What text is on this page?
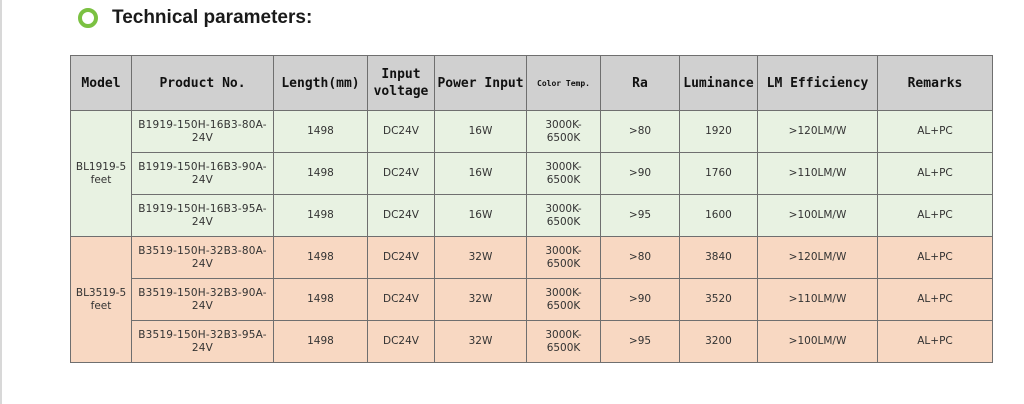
Technical parameters:
Model	Product No.	Length(mm)	Input voltage	Power Input	Color Temp.	Ra	Luminance	LM Efficiency	Remarks
BL1919-5 feet	B1919-150H-16B3-80A-24V	1498	DC24V	16W	3000K-6500K	>80	1920	>120LM/W	AL+PC
	B1919-150H-16B3-90A-24V	1498	DC24V	16W	3000K-6500K	>90	1760	>110LM/W	AL+PC
	B1919-150H-16B3-95A-24V	1498	DC24V	16W	3000K-6500K	>95	1600	>100LM/W	AL+PC
BL3519-5 feet	B3519-150H-32B3-80A-24V	1498	DC24V	32W	3000K-6500K	>80	3840	>120LM/W	AL+PC
	B3519-150H-32B3-90A-24V	1498	DC24V	32W	3000K-6500K	>90	3520	>110LM/W	AL+PC
	B3519-150H-32B3-95A-24V	1498	DC24V	32W	3000K-6500K	>95	3200	>100LM/W	AL+PC
